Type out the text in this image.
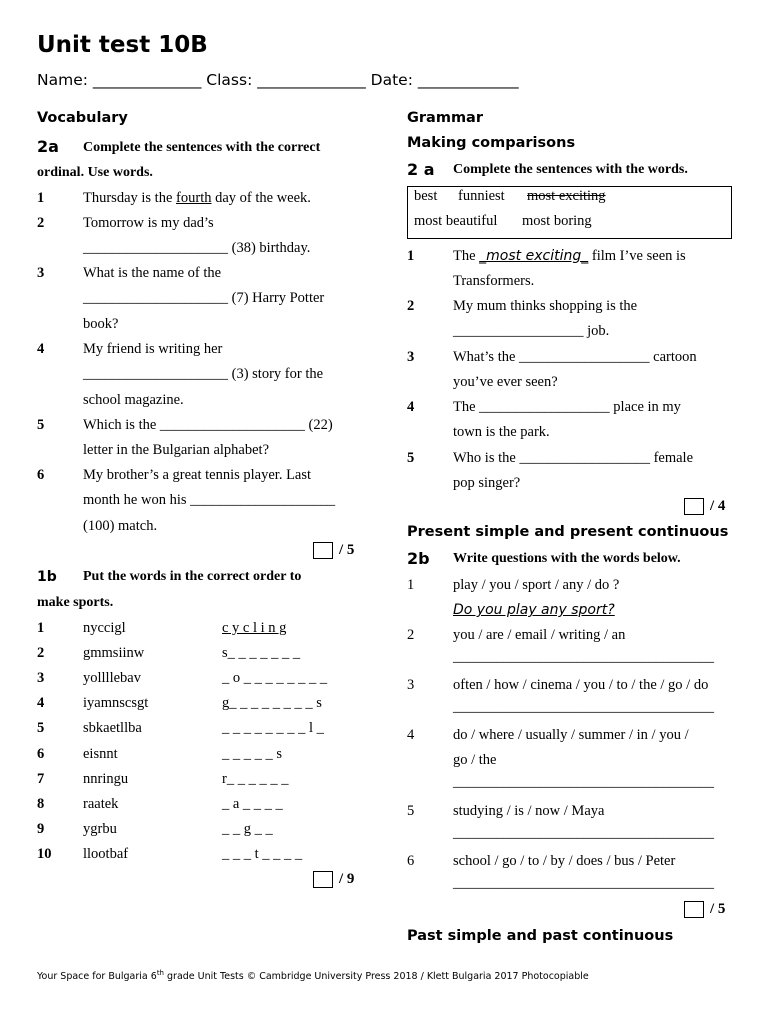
Unit test 10B
Name: ______________ Class: ______________ Date: _____________
Vocabulary
2a Complete the sentences with the correct
ordinal. Use words.
/ 5
1b Put the words in the correct order to
make sports.
/ 9
Grammar
Making comparisons
2 a Complete the sentences with the words.
best funniest most exciting
most beautiful most boring
/ 4
Present simple and present continuous
2b Write questions with the words below.
/ 5
Past simple and past continuous
Your Space for Bulgaria 6th grade Unit Tests © Cambridge University Press 2018 / Klett Bulgaria 2017 Photocopiable
1	Thursday is the fourth day of the week.
2	Tomorrow is my dad’s
____________________ (38) birthday.
3	What is the name of the
____________________ (7) Harry Potter
book?
4	My friend is writing her
____________________ (3) story for the
school magazine.
5	Which is the ____________________ (22)
letter in the Bulgarian alphabet?
6	My brother’s a great tennis player. Last
month he won his ____________________
(100) match.
1	nyccigl	c y c l i n g
2	gmmsiinw	s_ _ _ _ _ _ _
3	yollllebav	_ o _ _ _ _ _ _ _ _
4	iyamnscsgt	g_ _ _ _ _ _ _ _ s
5	sbkaetllba	_ _ _ _ _ _ _ _ l _
6	eisnnt	_ _ _ _ _ s
7	nnringu	r_ _ _ _ _ _
8	raatek	_ a _ _ _ _
9	ygrbu	_ _ g _ _
10 llootbaf	_ _ _ t _ _ _ _
1	The _most exciting_ film I’ve seen is
Transformers.
2	My mum thinks shopping is the
__________________ job.
3	What’s the __________________ cartoon
you’ve ever seen?
4	The __________________ place in my
town is the park.
5	Who is the __________________ female
pop singer?
1	play / you / sport / any / do ?
Do you play any sport?
2	you / are / email / writing / an
____________________________________
3	often / how / cinema / you / to / the / go / do
____________________________________
4	do / where / usually / summer / in / you /
go / the
____________________________________
5	studying / is / now / Maya
____________________________________
6	school / go / to / by / does / bus / Peter
____________________________________
